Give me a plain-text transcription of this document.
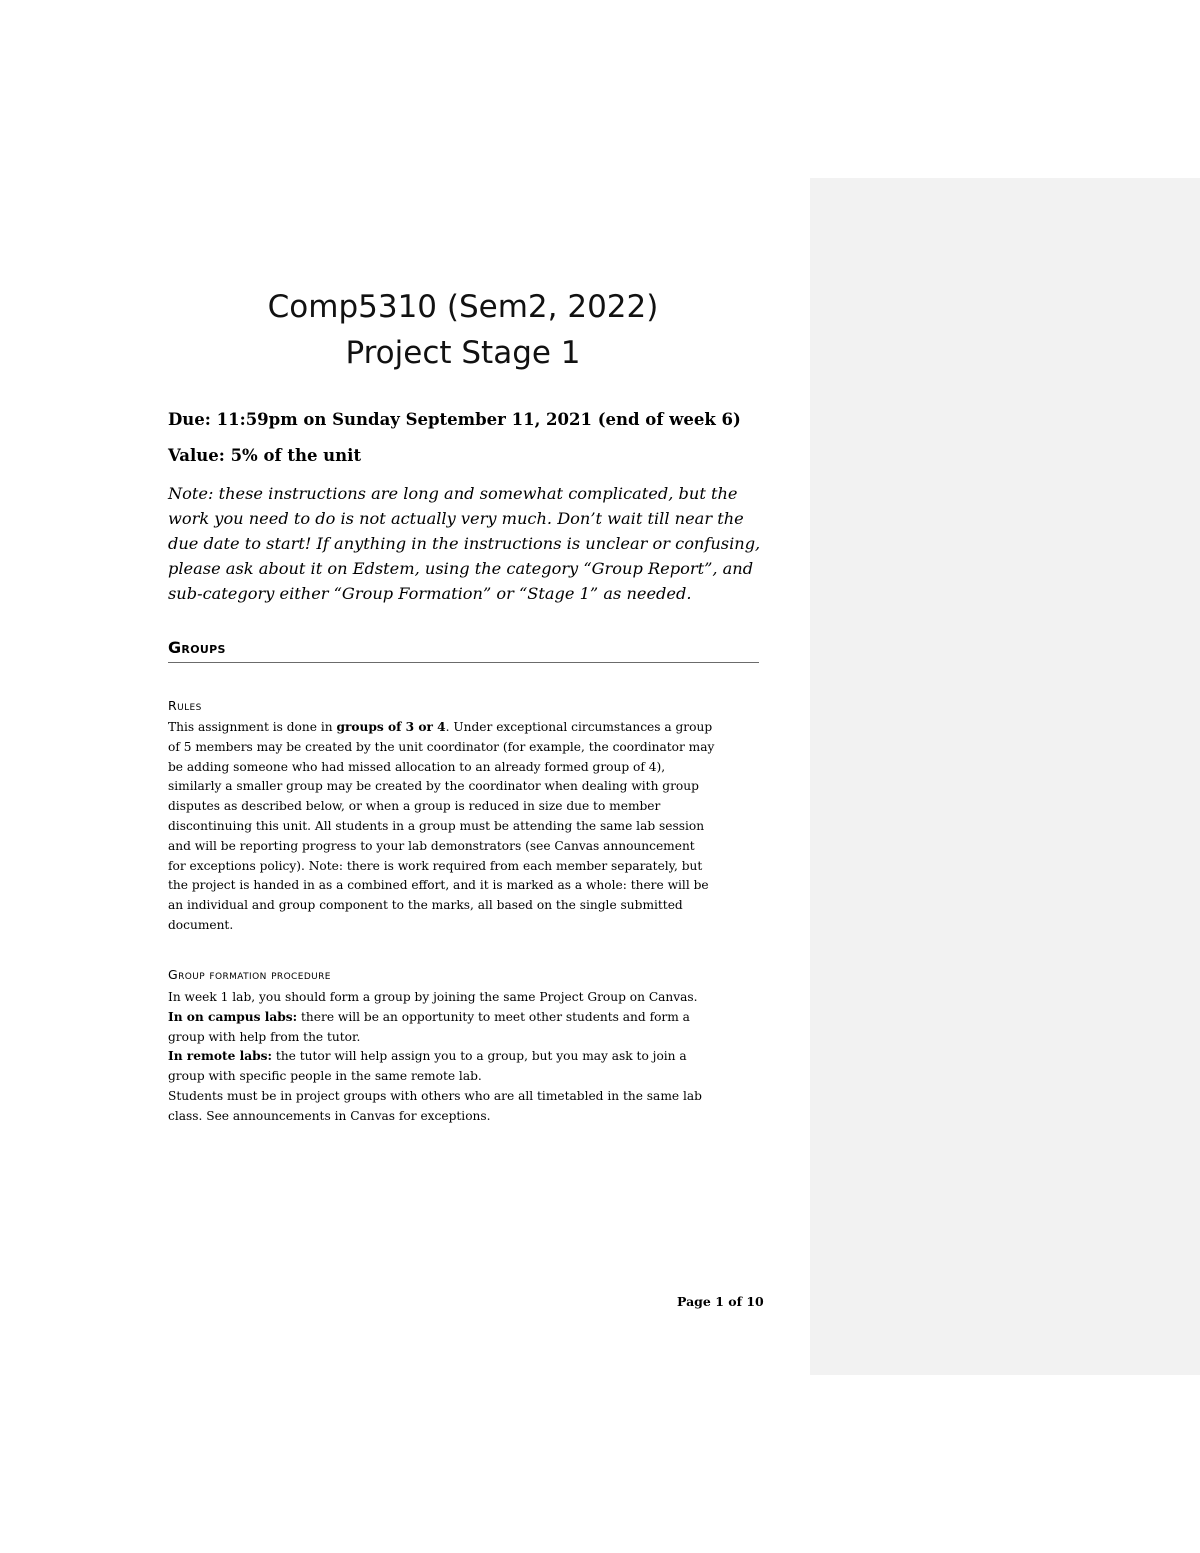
Comp5310 (Sem2, 2022)
Project Stage 1
Due: 11:59pm on Sunday September 11, 2021 (end of week 6)
Value: 5% of the unit
Note: these instructions are long and somewhat complicated, but the
work you need to do is not actually very much. Don’t wait till near the
due date to start! If anything in the instructions is unclear or confusing,
please ask about it on Edstem, using the category “Group Report”, and
sub-category either “Group Formation” or “Stage 1” as needed.
Groups
Rules
This assignment is done in groups of 3 or 4. Under exceptional circumstances a group
of 5 members may be created by the unit coordinator (for example, the coordinator may
be adding someone who had missed allocation to an already formed group of 4),
similarly a smaller group may be created by the coordinator when dealing with group
disputes as described below, or when a group is reduced in size due to member
discontinuing this unit. All students in a group must be attending the same lab session
and will be reporting progress to your lab demonstrators (see Canvas announcement
for exceptions policy). Note: there is work required from each member separately, but
the project is handed in as a combined effort, and it is marked as a whole: there will be
an individual and group component to the marks, all based on the single submitted
document.
Group formation procedure
In week 1 lab, you should form a group by joining the same Project Group on Canvas.
In on campus labs: there will be an opportunity to meet other students and form a
group with help from the tutor.
In remote labs: the tutor will help assign you to a group, but you may ask to join a
group with specific people in the same remote lab.
Students must be in project groups with others who are all timetabled in the same lab
class. See announcements in Canvas for exceptions.
Page 1 of 10
